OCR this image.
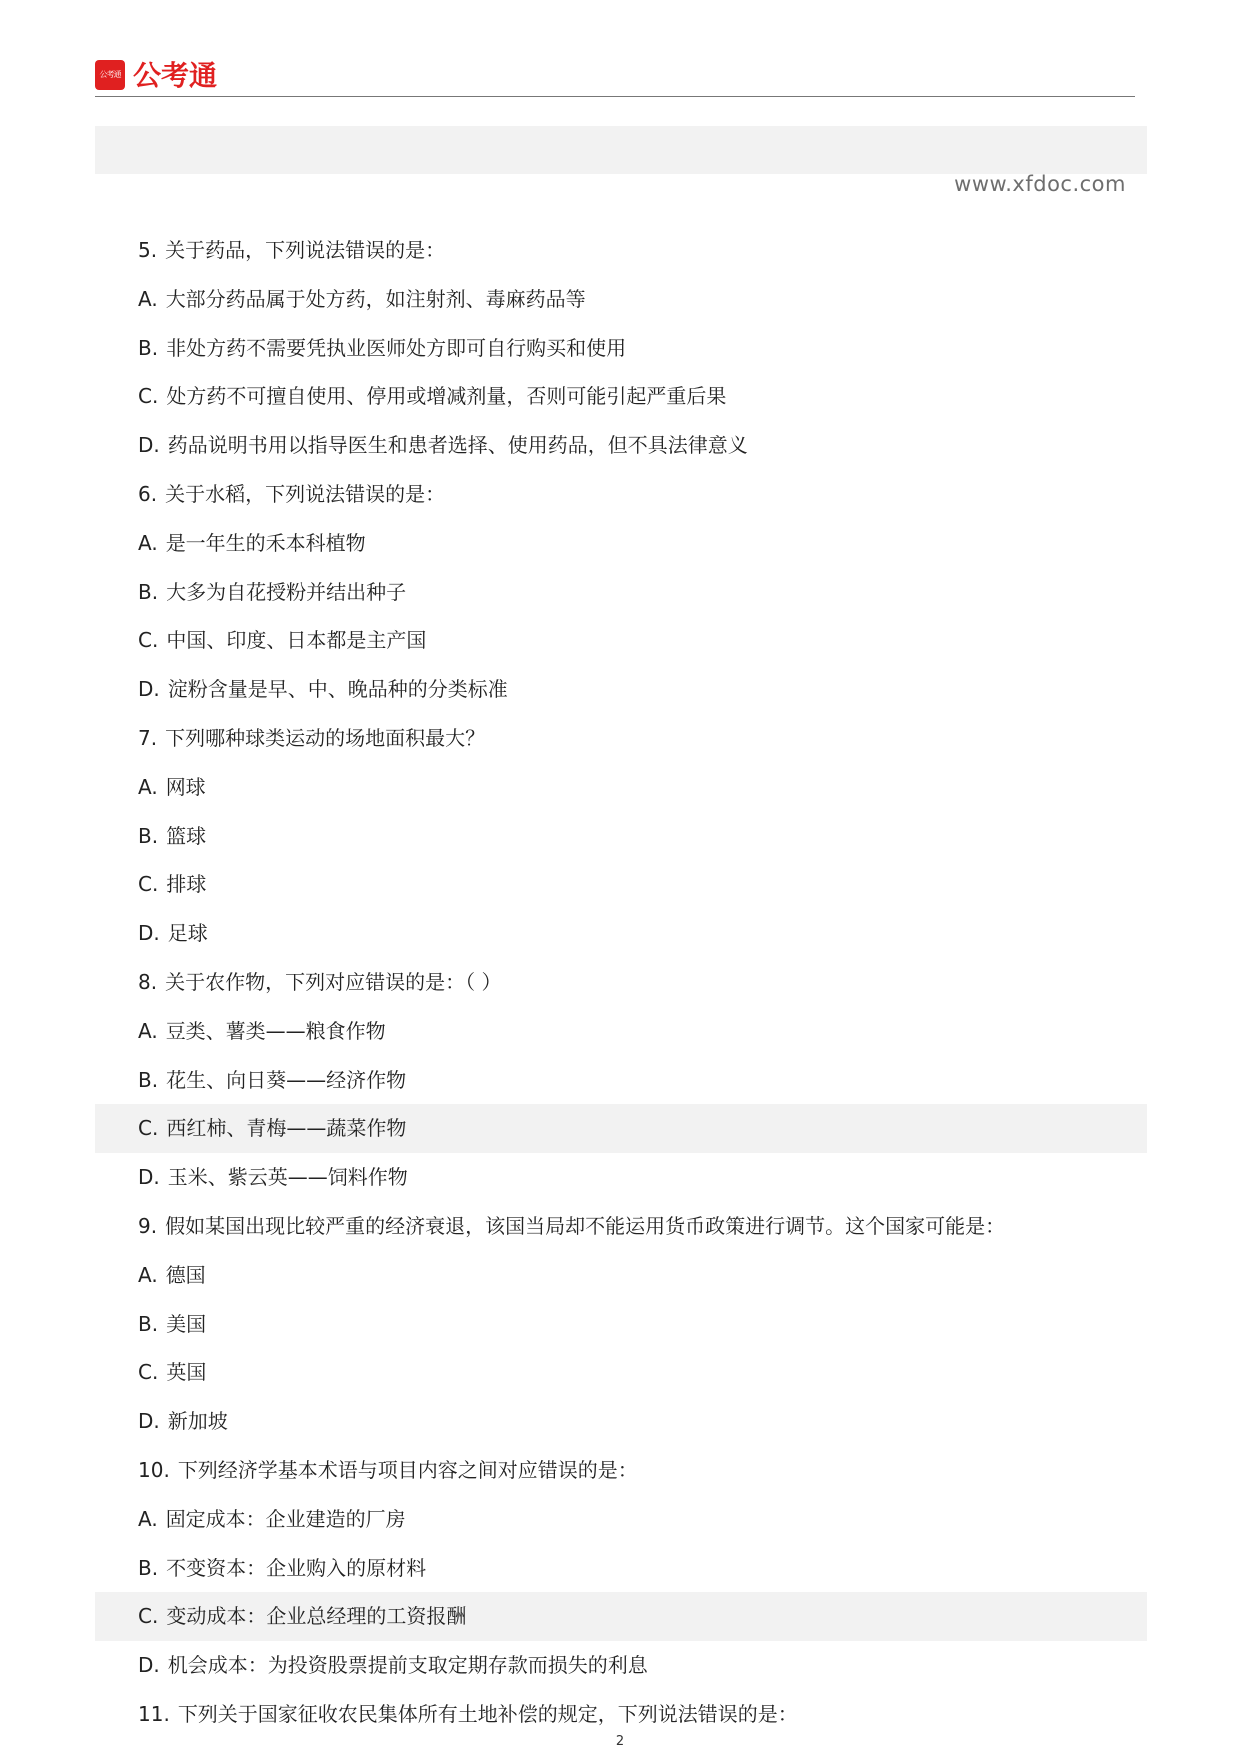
公考通 公考通
www.xfdoc.com
5. 关于药品，下列说法错误的是：
A. 大部分药品属于处方药，如注射剂、毒麻药品等
B. 非处方药不需要凭执业医师处方即可自行购买和使用
C. 处方药不可擅自使用、停用或增减剂量，否则可能引起严重后果
D. 药品说明书用以指导医生和患者选择、使用药品，但不具法律意义
6. 关于水稻，下列说法错误的是：
A. 是一年生的禾本科植物
B. 大多为自花授粉并结出种子
C. 中国、印度、日本都是主产国
D. 淀粉含量是早、中、晚品种的分类标准
7. 下列哪种球类运动的场地面积最大？
A. 网球
B. 篮球
C. 排球
D. 足球
8. 关于农作物，下列对应错误的是：（ ）
A. 豆类、薯类——粮食作物
B. 花生、向日葵——经济作物
C. 西红柿、青梅——蔬菜作物
D. 玉米、紫云英——饲料作物
9. 假如某国出现比较严重的经济衰退，该国当局却不能运用货币政策进行调节。这个国家可能是：
A. 德国
B. 美国
C. 英国
D. 新加坡
10. 下列经济学基本术语与项目内容之间对应错误的是：
A. 固定成本：企业建造的厂房
B. 不变资本：企业购入的原材料
C. 变动成本：企业总经理的工资报酬
D. 机会成本：为投资股票提前支取定期存款而损失的利息
11. 下列关于国家征收农民集体所有土地补偿的规定，下列说法错误的是：
2
